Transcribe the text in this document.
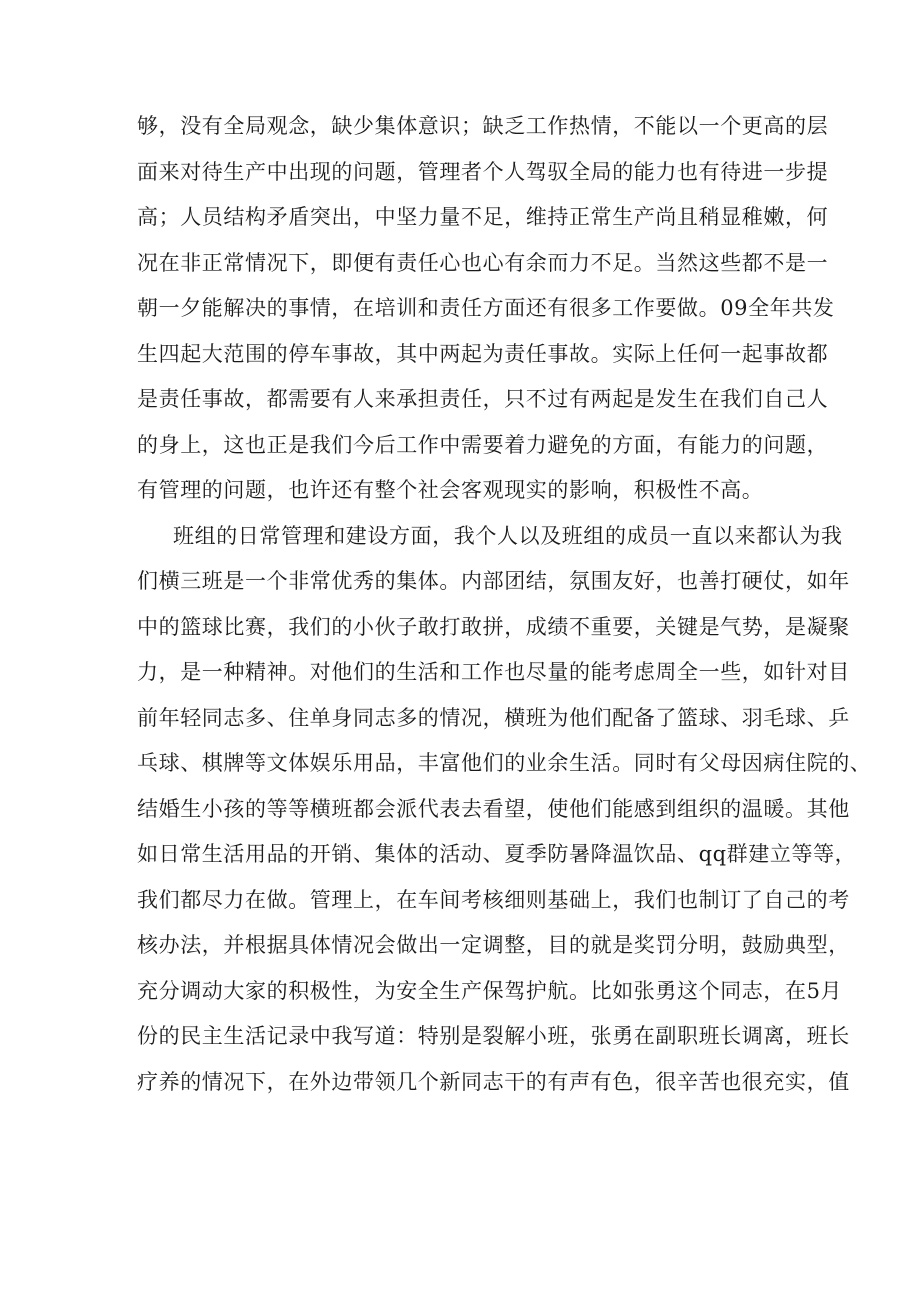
够，没有全局观念，缺少集体意识；缺乏工作热情，不能以一个更高的层
面来对待生产中出现的问题，管理者个人驾驭全局的能力也有待进一步提
高；人员结构矛盾突出，中坚力量不足，维持正常生产尚且稍显稚嫩，何
况在非正常情况下，即便有责任心也心有余而力不足。当然这些都不是一
朝一夕能解决的事情，在培训和责任方面还有很多工作要做。09全年共发
生四起大范围的停车事故，其中两起为责任事故。实际上任何一起事故都
是责任事故，都需要有人来承担责任，只不过有两起是发生在我们自己人
的身上，这也正是我们今后工作中需要着力避免的方面，有能力的问题，
有管理的问题，也许还有整个社会客观现实的影响，积极性不高。
班组的日常管理和建设方面，我个人以及班组的成员一直以来都认为我
们横三班是一个非常优秀的集体。内部团结，氛围友好，也善打硬仗，如年
中的篮球比赛，我们的小伙子敢打敢拼，成绩不重要，关键是气势，是凝聚
力，是一种精神。对他们的生活和工作也尽量的能考虑周全一些，如针对目
前年轻同志多、住单身同志多的情况，横班为他们配备了篮球、羽毛球、乒
乓球、棋牌等文体娱乐用品，丰富他们的业余生活。同时有父母因病住院的、
结婚生小孩的等等横班都会派代表去看望，使他们能感到组织的温暖。其他
如日常生活用品的开销、集体的活动、夏季防暑降温饮品、qq群建立等等，
我们都尽力在做。管理上，在车间考核细则基础上，我们也制订了自己的考
核办法，并根据具体情况会做出一定调整，目的就是奖罚分明，鼓励典型，
充分调动大家的积极性，为安全生产保驾护航。比如张勇这个同志，在5月
份的民主生活记录中我写道：特别是裂解小班，张勇在副职班长调离，班长
疗养的情况下，在外边带领几个新同志干的有声有色，很辛苦也很充实，值
